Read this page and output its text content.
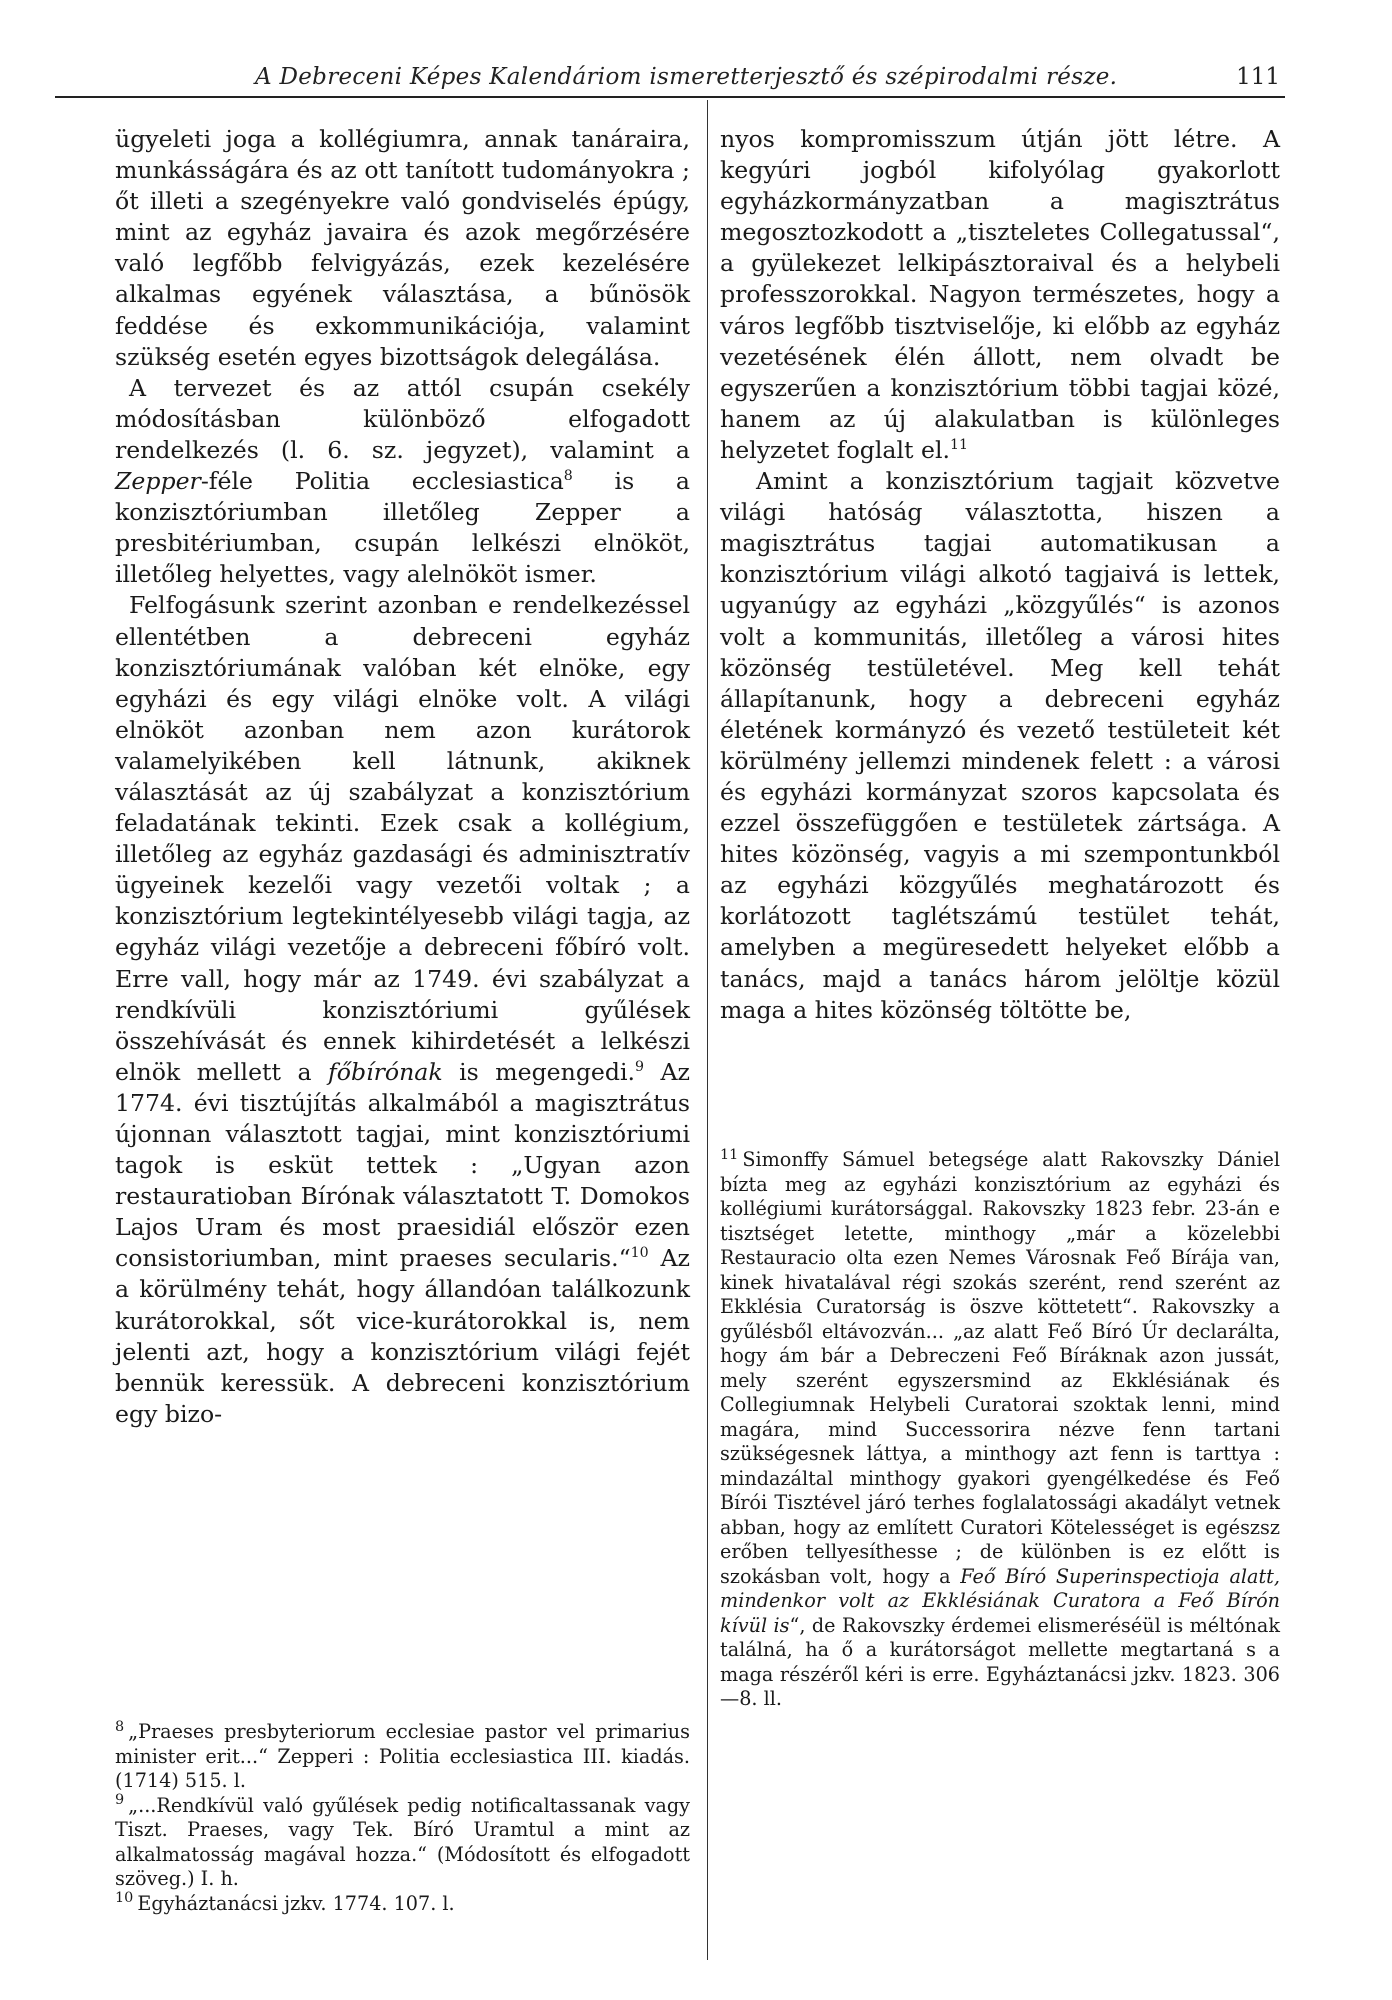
A Debreceni Képes Kalendáriom ismeretterjesztő és szépirodalmi része.	111

ügyeleti joga a kollégiumra, annak tanáraira, munkásságára és az ott tanított tudományokra ; őt illeti a szegényekre való gondviselés épúgy, mint az egyház javaira és azok megőrzésére való legfőbb felvigyázás, ezek kezelésére alkalmas egyének választása, a bűnösök feddése és exkommunikációja, valamint szükség esetén egyes bizottságok delegálása.

A tervezet és az attól csupán csekély módosításban különböző elfogadott rendelkezés (l. 6. sz. jegyzet), valamint a Zepper-féle Politia ecclesiastica$^8$ is a konzisztóriumban illetőleg Zepper a presbitériumban, csupán lelkészi elnököt, illetőleg helyettes, vagy alelnököt ismer.

Felfogásunk szerint azonban e rendelkezéssel ellentétben a debreceni egyház konzisztóriumának valóban két elnöke, egy egyházi és egy világi elnöke volt. A világi elnököt azonban nem azon kurátorok valamelyikében kell látnunk, akiknek választását az új szabályzat a konzisztórium feladatának tekinti. Ezek csak a kollégium, illetőleg az egyház gazdasági és adminisztratív ügyeinek kezelői vagy vezetői voltak ; a konzisztórium legtekintélyesebb világi tagja, az egyház világi vezetője a debreceni főbíró volt. Erre vall, hogy már az 1749. évi szabályzat a rendkívüli konzisztóriumi gyűlések összehívását és ennek kihirdetését a lelkészi elnök mellett a főbírónak is megengedi.$^9$ Az 1774. évi tisztújítás alkalmából a magisztrátus újonnan választott tagjai, mint konzisztóriumi tagok is esküt tettek : „Ugyan azon restauratioban Bírónak választatott T. Domokos Lajos Uram és most praesidiál először ezen consistoriumban, mint praeses secularis.“$^{10}$ Az a körülmény tehát, hogy állandóan találkozunk kurátorokkal, sőt vice-kurátorokkal is, nem jelenti azt, hogy a konzisztórium világi fejét bennük keressük. A debreceni konzisztórium egy bizo-

$^8$ „Praeses presbyteriorum ecclesiae pastor vel primarius minister erit...“ Zepperi : Politia ecclesiastica III. kiadás. (1714) 515. l.

$^9$ „...Rendkívül való gyűlések pedig notificaltassanak vagy Tiszt. Praeses, vagy Tek. Bíró Uramtul a mint az alkalmatosság magával hozza.“ (Módosított és elfogadott szöveg.) I. h.

$^{10}$ Egyháztanácsi jzkv. 1774. 107. l.

nyos kompromisszum útján jött létre. A kegyúri jogból kifolyólag gyakorlott egyházkormányzatban a magisztrátus megosztozkodott a „tiszteletes Collegatussal“, a gyülekezet lelkipásztoraival és a helybeli professzorokkal. Nagyon természetes, hogy a város legfőbb tisztviselője, ki előbb az egyház vezetésének élén állott, nem olvadt be egyszerűen a konzisztórium többi tagjai közé, hanem az új alakulatban is különleges helyzetet foglalt el.$^{11}$

Amint a konzisztórium tagjait közvetve világi hatóság választotta, hiszen a magisztrátus tagjai automatikusan a konzisztórium világi alkotó tagjaivá is lettek, ugyanúgy az egyházi „közgyűlés“ is azonos volt a kommunitás, illetőleg a városi hites közönség testületével. Meg kell tehát állapítanunk, hogy a debreceni egyház életének kormányzó és vezető testületeit két körülmény jellemzi mindenek felett : a városi és egyházi kormányzat szoros kapcsolata és ezzel összefüggően e testületek zártsága. A hites közönség, vagyis a mi szempontunkból az egyházi közgyűlés meghatározott és korlátozott taglétszámú testület tehát, amelyben a megüresedett helyeket előbb a tanács, majd a tanács három jelöltje közül maga a hites közönség töltötte be,

$^{11}$ Simonffy Sámuel betegsége alatt Rakovszky Dániel bízta meg az egyházi konzisztórium az egyházi és kollégiumi kurátorsággal. Rakovszky 1823 febr. 23-án e tisztséget letette, minthogy „már a közelebbi Restauracio olta ezen Nemes Városnak Feő Bírája van, kinek hivatalával régi szokás szerént, rend szerént az Ekklésia Curatorság is öszve köttetett“. Rakovszky a gyűlésből eltávozván... „az alatt Feő Bíró Úr declarálta, hogy ám bár a Debreczeni Feő Bíráknak azon jussát, mely szerént egyszersmind az Ekklésiának és Collegiumnak Helybeli Curatorai szoktak lenni, mind magára, mind Successorira nézve fenn tartani szükségesnek láttya, a minthogy azt fenn is tarttya : mindazáltal minthogy gyakori gyengélkedése és Feő Bírói Tisztével járó terhes foglalatossági akadályt vetnek abban, hogy az említett Curatori Kötelességet is egészsz erőben tellyesíthesse ; de különben is ez előtt is szokásban volt, hogy a Feő Bíró Superinspectioja alatt, mindenkor volt az Ekklésiának Curatora a Feő Bírón kívül is“, de Rakovszky érdemei elismeréséül is méltónak találná, ha ő a kurátorságot mellette megtartaná s a maga részéről kéri is erre. Egyháztanácsi jzkv. 1823. 306—8. ll.
